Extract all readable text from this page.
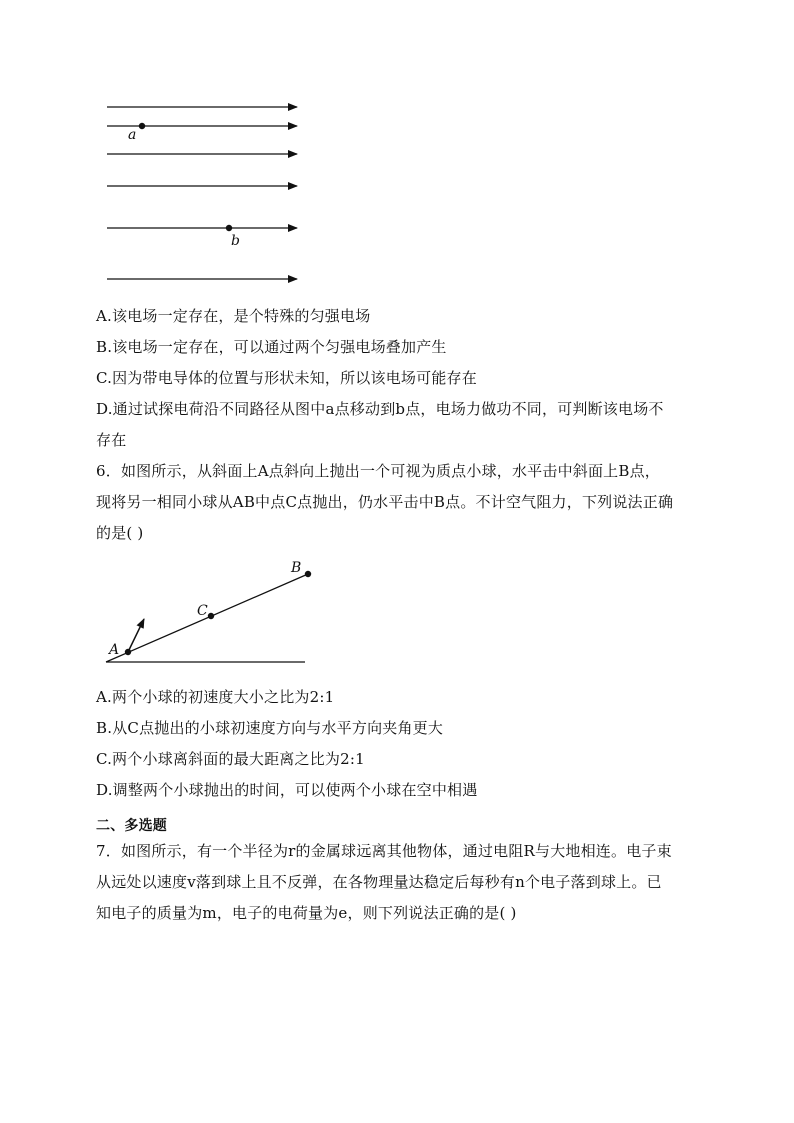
a
b
A.该电场一定存在，是个特殊的匀强电场
B.该电场一定存在，可以通过两个匀强电场叠加产生
C.因为带电导体的位置与形状未知，所以该电场可能存在
D.通过试探电荷沿不同路径从图中a点移动到b点，电场力做功不同，可判断该电场不
存在
6．如图所示，从斜面上A点斜向上抛出一个可视为质点小球，水平击中斜面上B点，
现将另一相同小球从AB中点C点抛出，仍水平击中B点。不计空气阻力，下列说法正确
的是( )
A
C
B
A.两个小球的初速度大小之比为2:1
B.从C点抛出的小球初速度方向与水平方向夹角更大
C.两个小球离斜面的最大距离之比为2:1
D.调整两个小球抛出的时间，可以使两个小球在空中相遇
二、多选题
7．如图所示，有一个半径为r的金属球远离其他物体，通过电阻R与大地相连。电子束
从远处以速度v落到球上且不反弹，在各物理量达稳定后每秒有n个电子落到球上。已
知电子的质量为m，电子的电荷量为e，则下列说法正确的是( )
